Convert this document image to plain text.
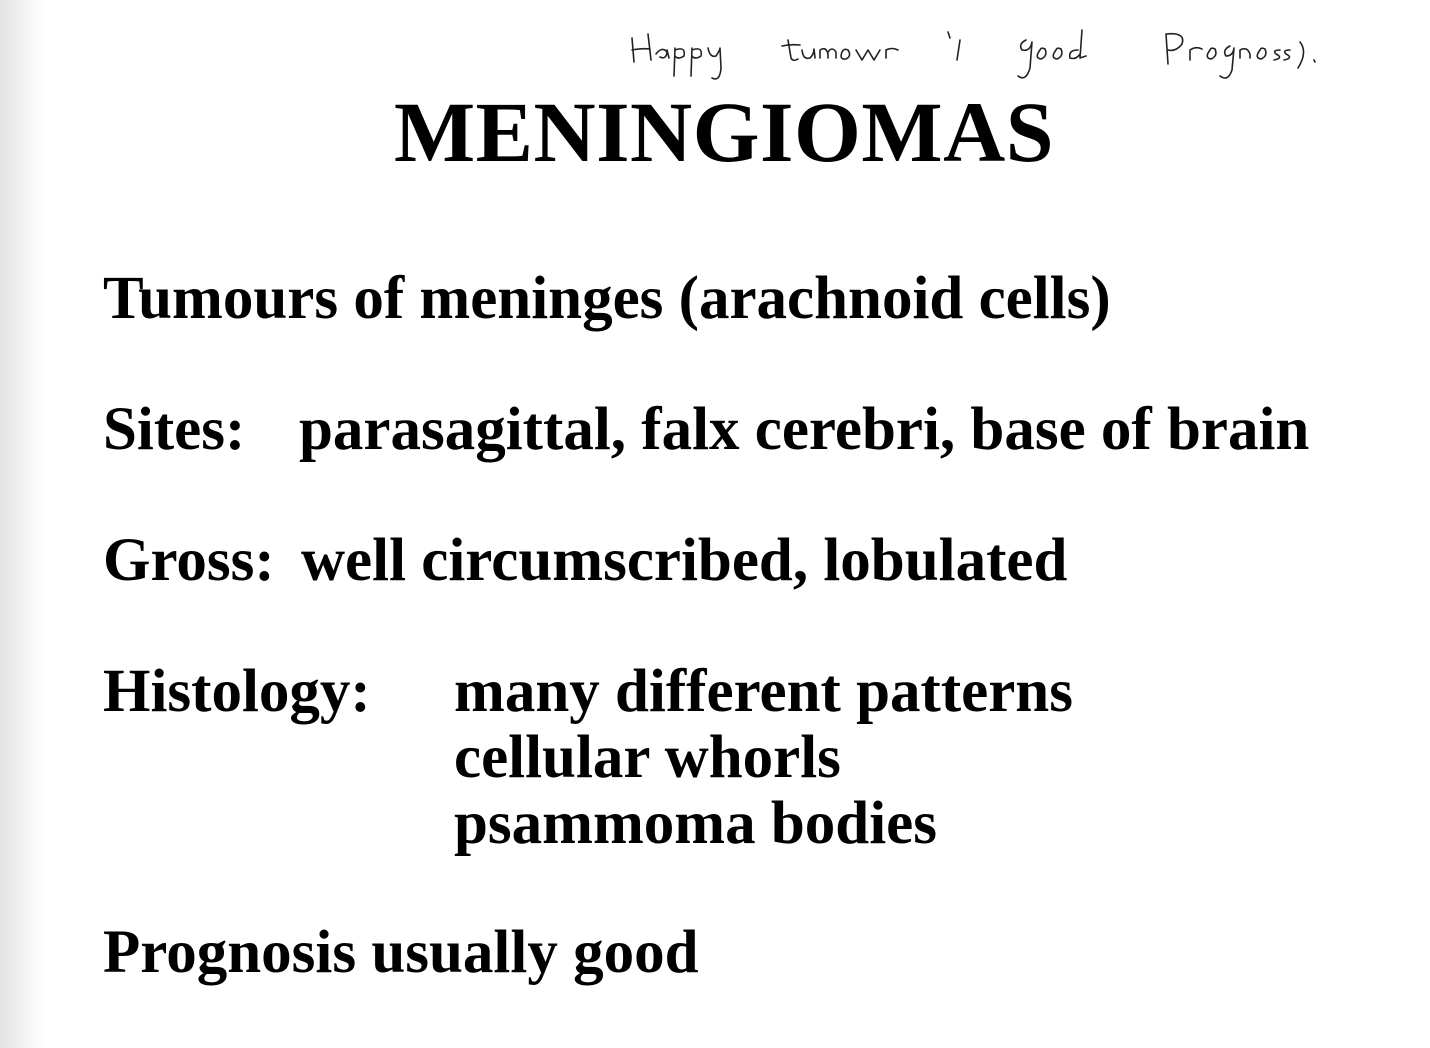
MENINGIOMAS

Tumours of meninges (arachnoid cells)

Sites: parasagittal, falx cerebri, base of brain

Gross: well circumscribed, lobulated

Histology: many different patterns

cellular whorls

psammoma bodies

Prognosis usually good
